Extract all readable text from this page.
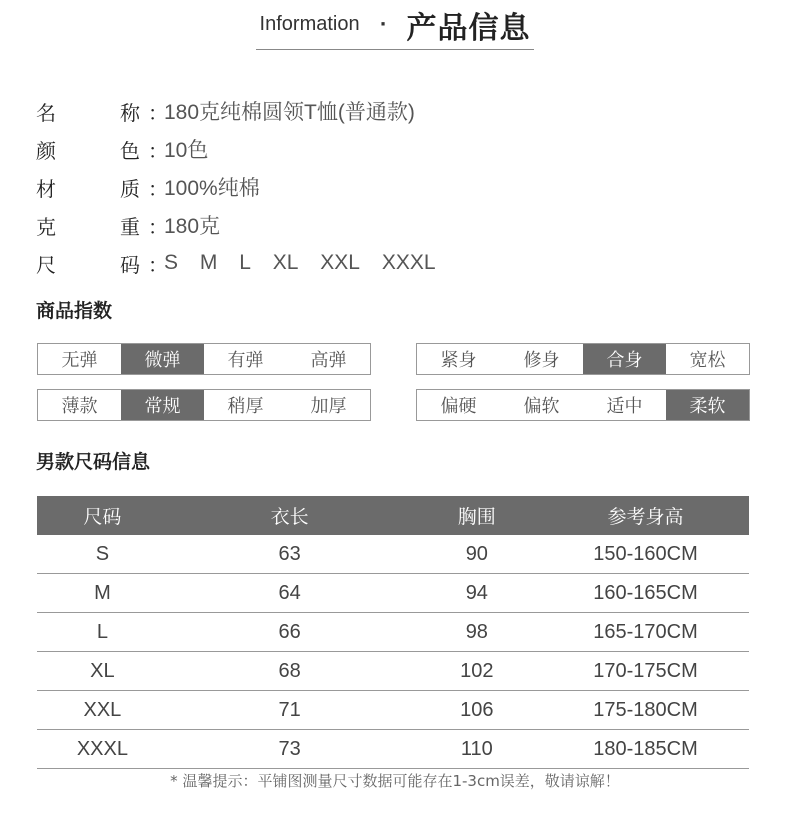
Information · 产品信息
名	称 ：
180克纯棉圆领T恤(普通款)
颜	色 ：
10色
材	质 ：
100%纯棉
克	重 ：
180克
尺	码 ：
S M L XL XXL XXXL
商品指数
无弹	微弹	有弹	高弹	紧身	修身	合身	宽松
薄款	常规	稍厚	加厚	偏硬	偏软	适中	柔软
男款尺码信息
尺码	衣长	胸围	参考身高
S	63	90	150-160CM
M	64	94	160-165CM
L	66	98	165-170CM
XL	68	102	170-175CM
XXL	71	106	175-180CM
XXXL	73	110	180-185CM
* 温馨提示：平铺图测量尺寸数据可能存在1-3cm误差，敬请谅解！
